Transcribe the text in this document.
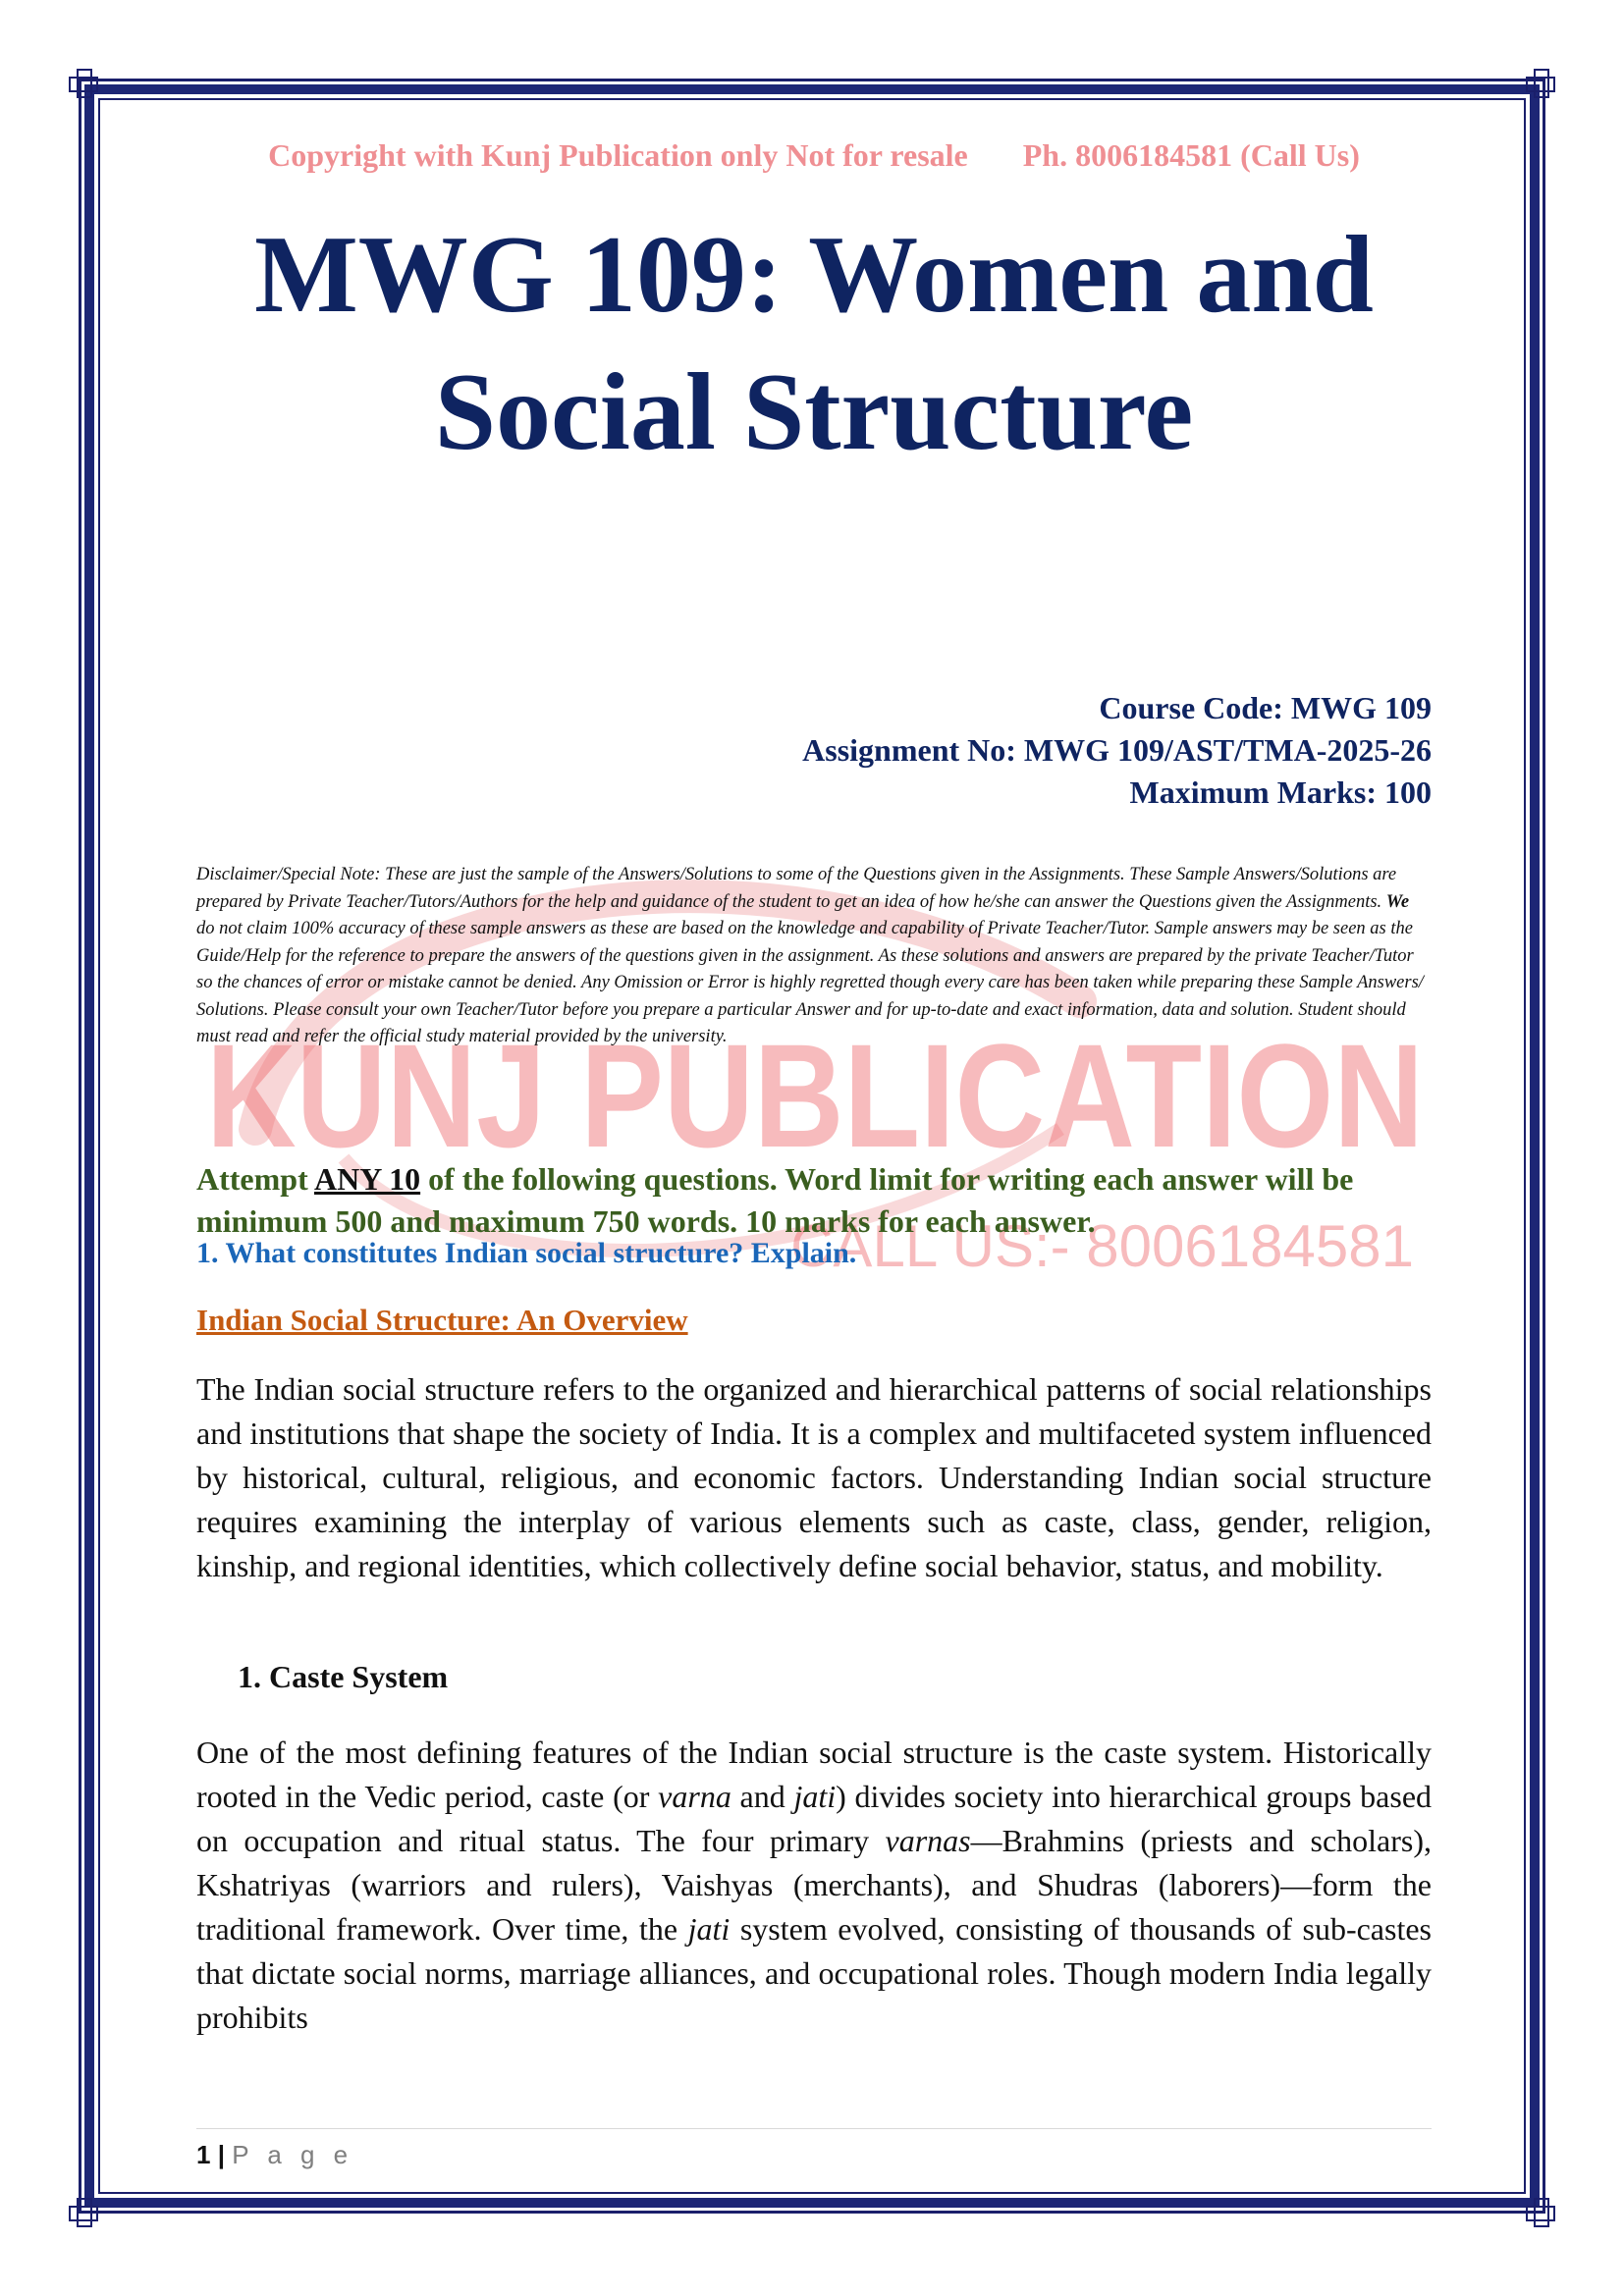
KUNJ PUBLICATION
CALL US:- 8006184581
Copyright with Kunj Publication only Not for resale Ph. 8006184581 (Call Us)
MWG 109: Women and
Social Structure
Course Code: MWG 109
Assignment No: MWG 109/AST/TMA-2025-26
Maximum Marks: 100
Disclaimer/Special Note: These are just the sample of the Answers/Solutions to some of the Questions given in the Assignments. These Sample Answers/Solutions are prepared by Private Teacher/Tutors/Authors for the help and guidance of the student to get an idea of how he/she can answer the Questions given the Assignments. We do not claim 100% accuracy of these sample answers as these are based on the knowledge and capability of Private Teacher/Tutor. Sample answers may be seen as the Guide/Help for the reference to prepare the answers of the questions given in the assignment. As these solutions and answers are prepared by the private Teacher/Tutor so the chances of error or mistake cannot be denied. Any Omission or Error is highly regretted though every care has been taken while preparing these Sample Answers/ Solutions. Please consult your own Teacher/Tutor before you prepare a particular Answer and for up-to-date and exact information, data and solution. Student should must read and refer the official study material provided by the university.
Attempt ANY 10 of the following questions. Word limit for writing each answer will be minimum 500 and maximum 750 words. 10 marks for each answer.
1. What constitutes Indian social structure? Explain.
Indian Social Structure: An Overview
The Indian social structure refers to the organized and hierarchical patterns of social relationships and institutions that shape the society of India. It is a complex and multifaceted system influenced by historical, cultural, religious, and economic factors. Understanding Indian social structure requires examining the interplay of various elements such as caste, class, gender, religion, kinship, and regional identities, which collectively define social behavior, status, and mobility.
1. Caste System
One of the most defining features of the Indian social structure is the caste system. Historically rooted in the Vedic period, caste (or varna and jati) divides society into hierarchical groups based on occupation and ritual status. The four primary varnas—Brahmins (priests and scholars), Kshatriyas (warriors and rulers), Vaishyas (merchants), and Shudras (laborers)—form the traditional framework. Over time, the jati system evolved, consisting of thousands of sub-castes that dictate social norms, marriage alliances, and occupational roles. Though modern India legally prohibits
1 | P a g e
